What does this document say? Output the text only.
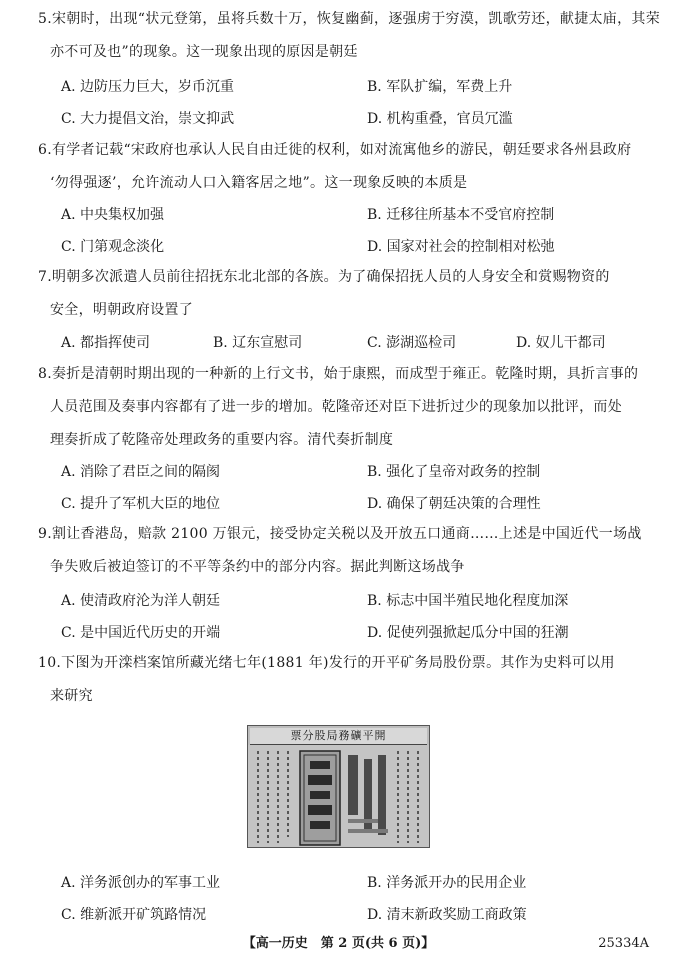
5.宋朝时，出现“状元登第，虽将兵数十万，恢复幽蓟，逐强虏于穷漠，凯歌劳还，献捷太庙，其荣
亦不可及也”的现象。这一现象出现的原因是朝廷
A. 边防压力巨大，岁币沉重	B. 军队扩编，军费上升
C. 大力提倡文治，崇文抑武	D. 机构重叠，官员冗滥
6.有学者记载“宋政府也承认人民自由迁徙的权利，如对流寓他乡的游民，朝廷要求各州县政府
‘勿得强逐’，允许流动人口入籍客居之地”。这一现象反映的本质是
A. 中央集权加强	B. 迁移往所基本不受官府控制
C. 门第观念淡化	D. 国家对社会的控制相对松弛
7.明朝多次派遣人员前往招抚东北北部的各族。为了确保招抚人员的人身安全和赏赐物资的
安全，明朝政府设置了
A. 都指挥使司	B. 辽东宣慰司	C. 澎湖巡检司	D. 奴儿干都司
8.奏折是清朝时期出现的一种新的上行文书，始于康熙，而成型于雍正。乾隆时期，具折言事的
人员范围及奏事内容都有了进一步的增加。乾隆帝还对臣下进折过少的现象加以批评，而处
理奏折成了乾隆帝处理政务的重要内容。清代奏折制度
A. 消除了君臣之间的隔阂	B. 强化了皇帝对政务的控制
C. 提升了军机大臣的地位	D. 确保了朝廷决策的合理性
9.割让香港岛，赔款 2100 万银元，接受协定关税以及开放五口通商……上述是中国近代一场战
争失败后被迫签订的不平等条约中的部分内容。据此判断这场战争
A. 使清政府沦为洋人朝廷	B. 标志中国半殖民地化程度加深
C. 是中国近代历史的开端	D. 促使列强掀起瓜分中国的狂潮
10.下图为开滦档案馆所藏光绪七年(1881 年)发行的开平矿务局股份票。其作为史料可以用
来研究
票分股局務礦平開
A. 洋务派创办的军事工业	B. 洋务派开办的民用企业
C. 维新派开矿筑路情况	D. 清末新政奖励工商政策
【高一历史　第 2 页(共 6 页)】	25334A
